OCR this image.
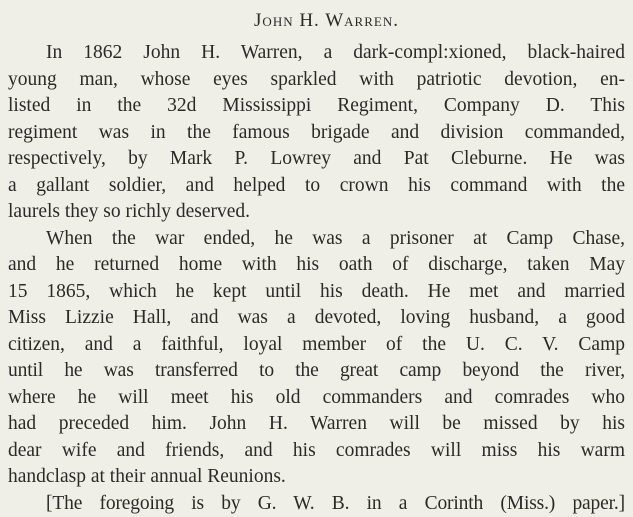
John H. Warren.
In 1862 John H. Warren, a dark-compl:xioned, black-haired
young man, whose eyes sparkled with patriotic devotion, en-
listed in the 32d Mississippi Regiment, Company D. This
regiment was in the famous brigade and division commanded,
respectively, by Mark P. Lowrey and Pat Cleburne. He was
a gallant soldier, and helped to crown his command with the
laurels they so richly deserved.
When the war ended, he was a prisoner at Camp Chase,
and he returned home with his oath of discharge, taken May
15 1865, which he kept until his death. He met and married
Miss Lizzie Hall, and was a devoted, loving husband, a good
citizen, and a faithful, loyal member of the U. C. V. Camp
until he was transferred to the great camp beyond the river,
where he will meet his old commanders and comrades who
had preceded him. John H. Warren will be missed by his
dear wife and friends, and his comrades will miss his warm
handclasp at their annual Reunions.
[The foregoing is by G. W. B. in a Corinth (Miss.) paper.]
